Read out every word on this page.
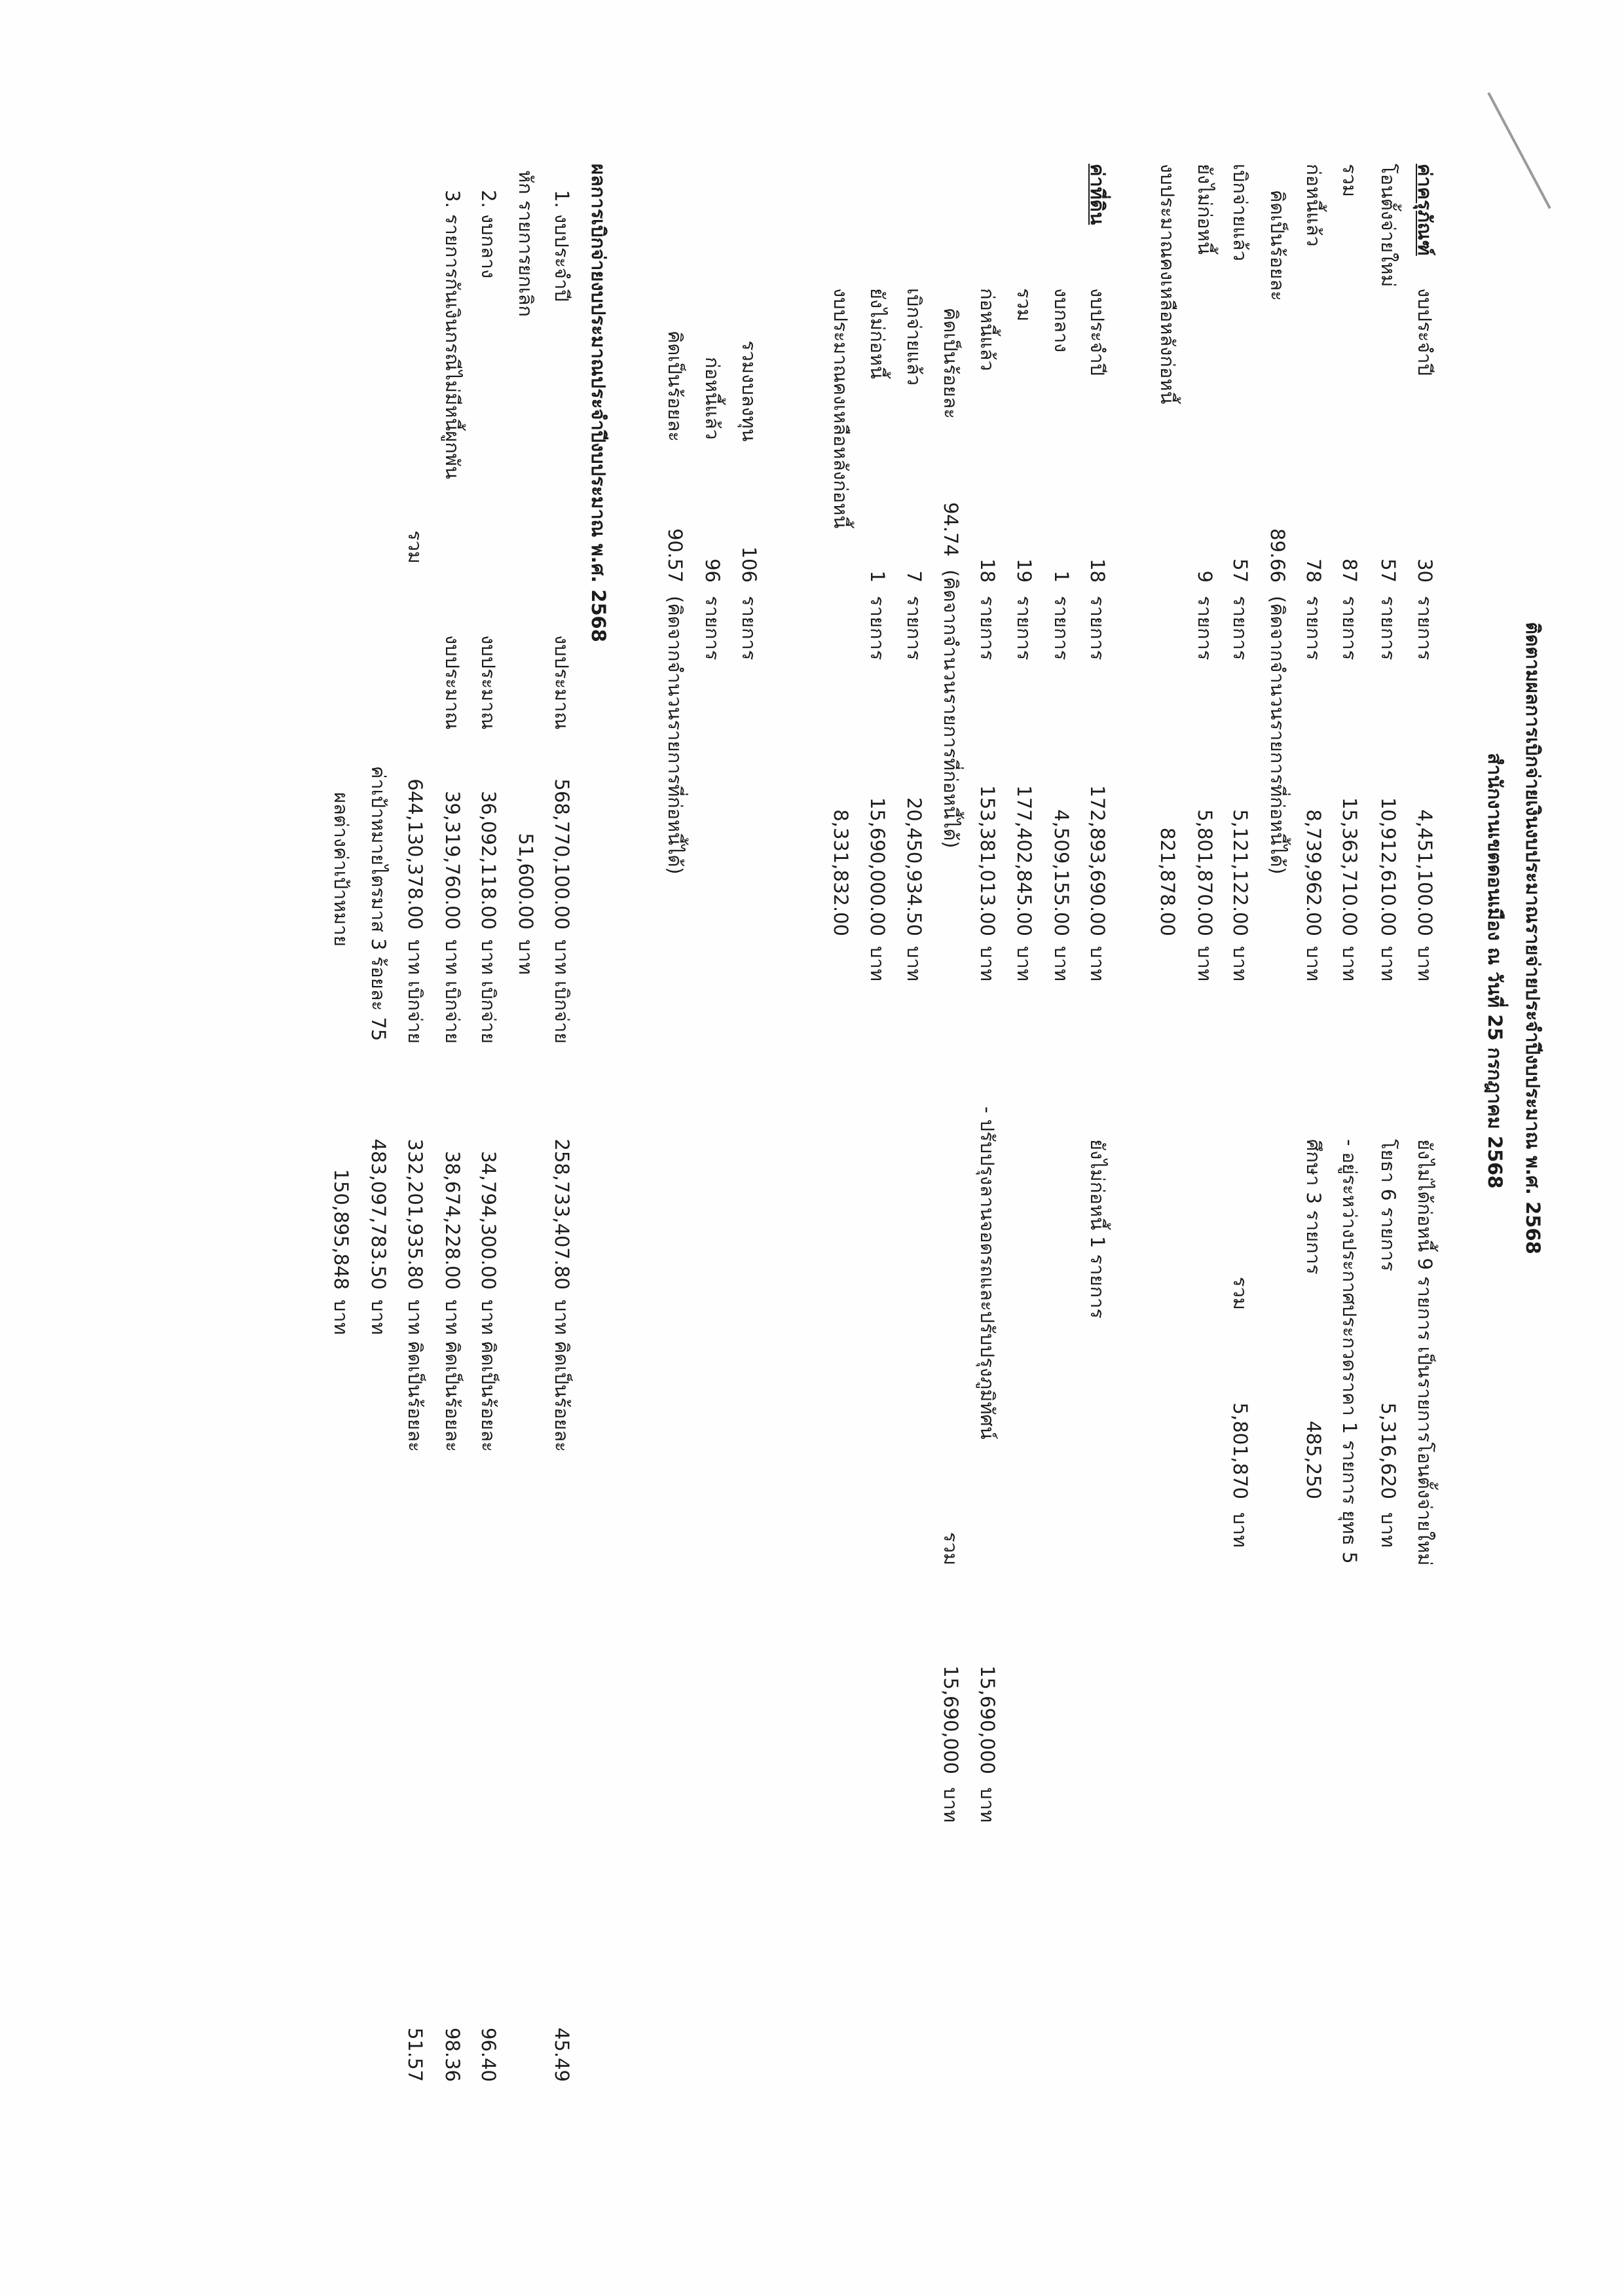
ติดตามผลการเบิกจ่ายเงินงบประมาณรายจ่ายประจำปีงบประมาณ พ.ศ. 2568
สำนักงานเขตดอนเมือง ณ วันที่ 25 กรกฎาคม 2568
ค่าครุภัณฑ์
งบประจำปี
30
รายการ
4,451,100.00
บาท
โอนตั้งจ่ายใหม่
57
รายการ
10,912,610.00
บาท
รวม
87
รายการ
15,363,710.00
บาท
ก่อหนี้แล้ว
78
รายการ
8,739,962.00
บาท
คิดเป็นร้อยละ
89.66
(คิดจากจำนวนรายการที่ก่อหนี้ได้)
เบิกจ่ายแล้ว
57
รายการ
5,121,122.00
บาท
ยังไม่ก่อหนี้
9
รายการ
5,801,870.00
บาท
งบประมาณคงเหลือหลังก่อหนี้
821,878.00
ยังไม่ได้ก่อหนี้ 9 รายการ เป็นรายการโอนตั้งจ่ายใหม่
โยธา 6 รายการ
5,316,620
บาท
- อยู่ระหว่างประกาศประกวดราคา 1 รายการ ยุทธ 5
ศึกษา 3 รายการ
485,250
รวม
5,801,870
บาท
ค่าที่ดิน
งบประจำปี
18
รายการ
172,893,690.00
บาท
งบกลาง
1
รายการ
4,509,155.00
บาท
รวม
19
รายการ
177,402,845.00
บาท
ก่อหนี้แล้ว
18
รายการ
153,381,013.00
บาท
คิดเป็นร้อยละ
94.74
(คิดจากจำนวนรายการที่ก่อหนี้ได้)
เบิกจ่ายแล้ว
7
รายการ
20,450,934.50
บาท
ยังไม่ก่อหนี้
1
รายการ
15,690,000.00
บาท
งบประมาณคงเหลือหลังก่อหนี้
8,331,832.00
ยังไม่ก่อหนี้ 1 รายการ
- ปรับปรุงลานจอดรถและปรับปรุงภูมิทัศน์
15,690,000
บาท
รวม
15,690,000
บาท
รวมงบลงทุน
106
รายการ
ก่อหนี้แล้ว
96
รายการ
คิดเป็นร้อยละ
90.57
(คิดจากจำนวนรายการที่ก่อหนี้ได้)
ผลการเบิกจ่ายงบประมาณประจำปีงบประมาณ พ.ศ. 2568
1. งบประจำปี
งบประมาณ
568,770,100.00
บาท เบิกจ่าย
258,733,407.80
บาท คิดเป็นร้อยละ
45.49
หัก รายการยกเลิก
51,600.00
บาท
2. งบกลาง
งบประมาณ
36,092,118.00
บาท เบิกจ่าย
34,794,300.00
บาท คิดเป็นร้อยละ
96.40
3. รายการกันเงินกรณีไม่มีหนี้ผูกพัน
งบประมาณ
39,319,760.00
บาท เบิกจ่าย
38,674,228.00
บาท คิดเป็นร้อยละ
98.36
รวม
644,130,378.00
บาท เบิกจ่าย
332,201,935.80
บาท คิดเป็นร้อยละ
51.57
ค่าเป้าหมายไตรมาส 3 ร้อยละ 75
483,097,783.50
บาท
ผลต่างค่าเป้าหมาย
150,895,848
บาท
